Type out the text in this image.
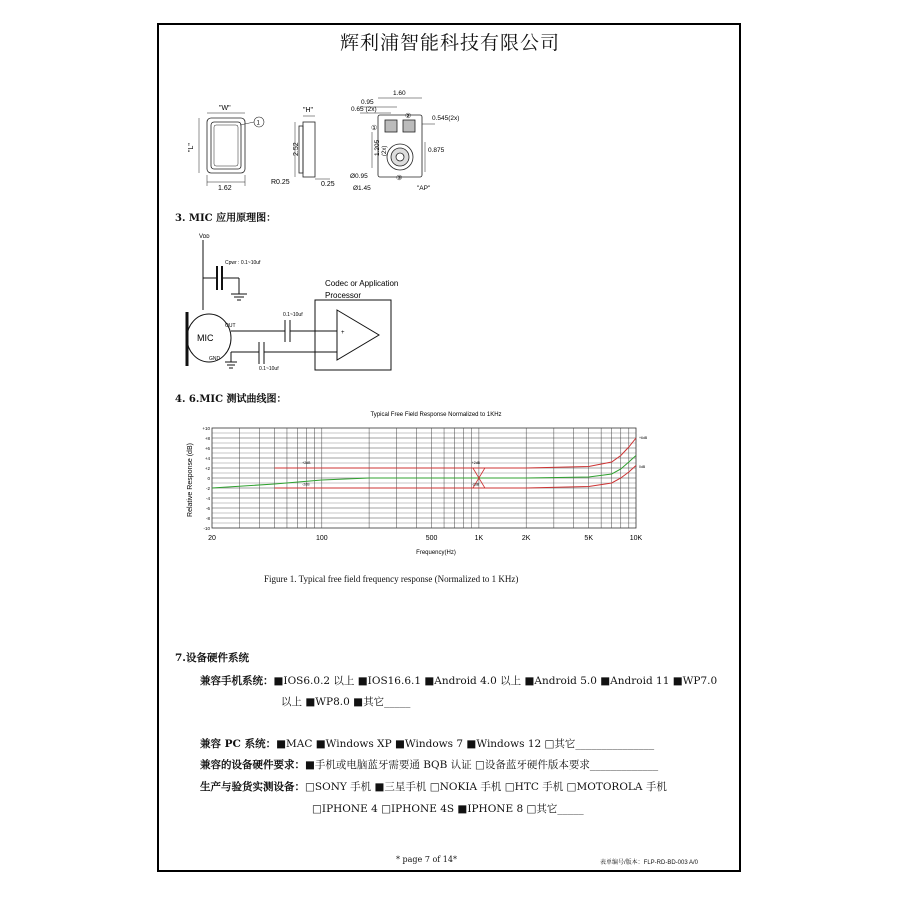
辉利浦智能科技有限公司
"W"
"L"
1
1.62
"H"
2.52
R0.25	0.25
1.60
0.95
0.65 (2x)
0.545(2x)
①
②
③
1.205 (2x)	0.875
Ø0.95
Ø1.45	"AP"
3. MIC 应用原理图：
Vᴅᴅ
Cpwr : 0.1~10uf
Codec or Application
Processor
MIC
OUT
GND
0.1~10uf
0.1~10uf
+
4. 6.MIC 测试曲线图：
Typical Free Field Response Normalized to 1KHz
Relative Response (dB)
Frequency(Hz)
20	100	500	1K	2K	5K	10K
+10
+8
+6
+4
+2
0
-2
-4
-6
-8
-10
+2dB
-2dB
+2dB
-2dB
+6dB
0dB
Figure 1. Typical free field frequency response (Normalized to 1 KHz)
7.设备硬件系统
兼容手机系统：■IOS6.0.2 以上 ■IOS16.6.1 ■Android 4.0 以上 ■Android 5.0 ■Android 11 ■WP7.0
以上 ■WP8.0 ■其它_____
兼容 PC 系统：■MAC ■Windows XP ■Windows 7 ■Windows 12 □其它_______________
兼容的设备硬件要求：■手机或电脑蓝牙需要通 BQB 认证 □设备蓝牙硬件版本要求_____________
生产与验货实测设备：□SONY 手机 ■三星手机 □NOKIA 手机 □HTC 手机 □MOTOROLA 手机
□IPHONE 4 □IPHONE 4S ■IPHONE 8 □其它_____
* page 7 of 14*	表单编号/版本：FLP-RD-BD-003 A/0
